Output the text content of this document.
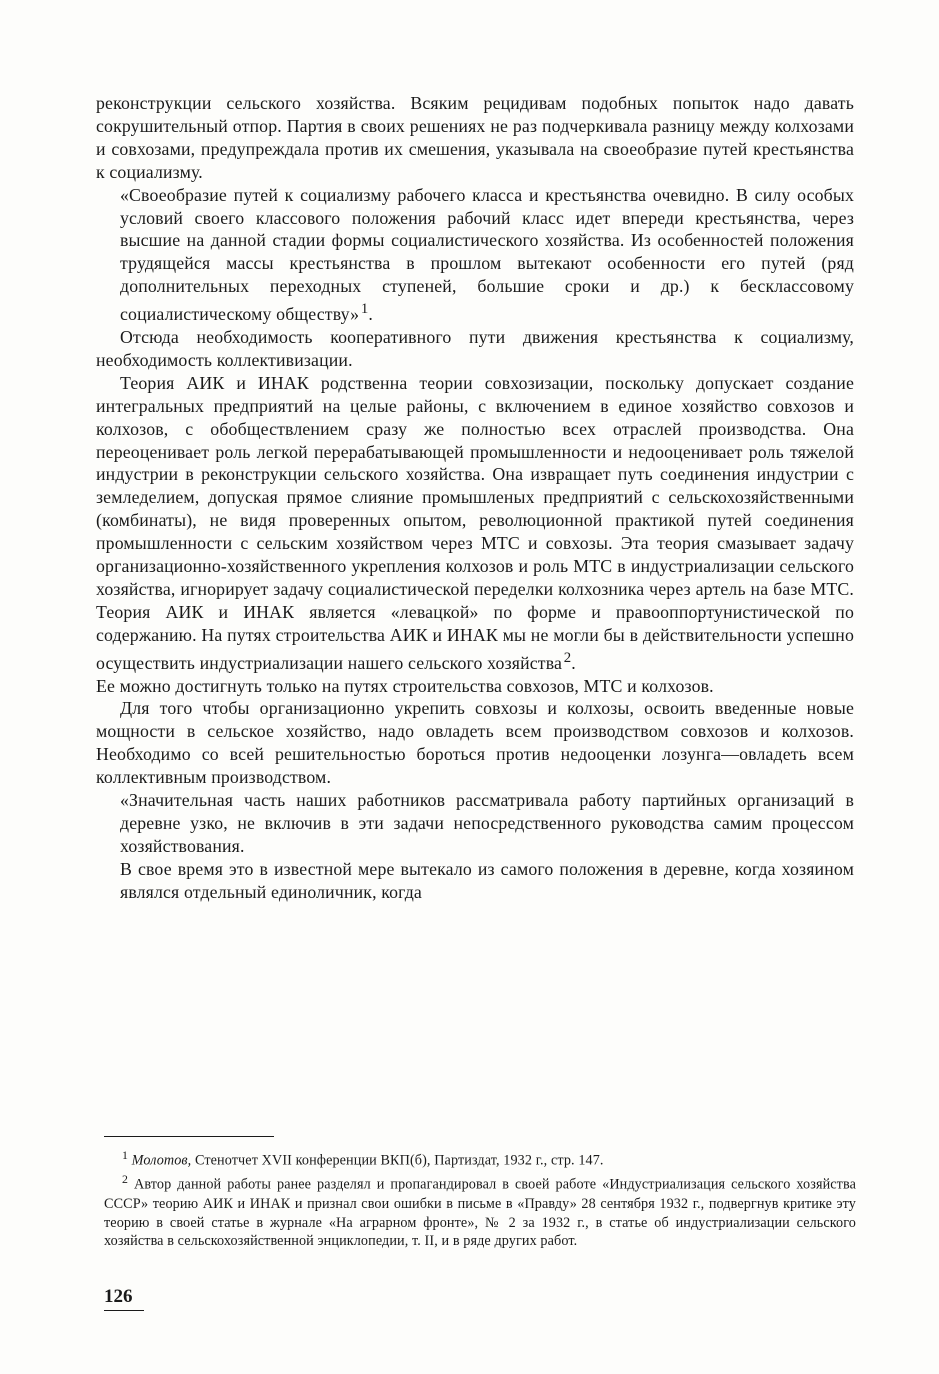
реконструкции сельского хозяйства. Всяким рецидивам подобных попыток надо давать сокрушительный отпор. Партия в своих решениях не раз подчеркивала разницу между колхозами и совхозами, предупреждала против их смешения, указывала на своеобразие путей крестьянства к социализму.

«Своеобразие путей к социализму рабочего класса и крестьянства очевидно. В силу особых условий своего классового положения рабочий класс идет впереди крестьянства, через высшие на данной стадии формы социалистического хозяйства. Из особенностей положения трудящейся массы крестьянства в прошлом вытекают особенности его путей (ряд дополнительных переходных ступеней, большие сроки и др.) к бесклассовому социалистическому обществу»  $^1$.

Отсюда необходимость кооперативного пути движения крестьянства к социализму, необходимость коллективизации.

Теория АИК и ИНАК родственна теории совхозизации, поскольку допускает создание интегральных предприятий на целые районы, с включением в единое хозяйство совхозов и колхозов, с обобществлением сразу же полностью всех отраслей производства. Она переоценивает роль легкой перерабатывающей промышленности и недооценивает роль тяжелой индустрии в реконструкции сельского хозяйства. Она извращает путь соединения индустрии с земледелием, допуская прямое слияние промышленых предприятий с сельскохозяйственными (комбинаты), не видя проверенных опытом, революционной практикой путей соединения промышленности с сельским хозяйством через МТС и совхозы. Эта теория смазывает задачу организационно-хозяйственного укрепления колхозов и роль МТС в индустриализации сельского хозяйства, игнорирует задачу социалистической переделки колхозника через артель на базе МТС. Теория АИК и ИНАК является «левацкой» по форме и правооппортунистической по содержанию. На путях строительства АИК и ИНАК мы не могли бы в действительности успешно осуществить индустриализации нашего сельского хозяйства  $^2$.

Ее можно достигнуть только на путях строительства совхозов, МТС и колхозов.

Для того чтобы организационно укрепить совхозы и колхозы, освоить введенные новые мощности в сельское хозяйство, надо овладеть всем производством совхозов и колхозов. Необходимо со всей решительностью бороться против недооценки лозунга—овладеть всем коллективным производством.

«Значительная часть наших работников рассматривала работу партийных организаций в деревне узко, не включив в эти задачи непосредственного руководства самим процессом хозяйствования.

В свое время это в известной мере вытекало из самого положения в деревне, когда хозяином являлся отдельный единоличник, когда

$^1$ Молотов, Стенотчет XVII конференции ВКП(б), Партиздат, 1932 г., стр. 147.

$^2$ Автор данной работы ранее разделял и пропагандировал в своей работе «Индустриализация сельского хозяйства СССР» теорию АИК и ИНАК и признал свои ошибки в письме в «Правду» 28 сентября 1932 г., подвергнув критике эту теорию в своей статье в журнале «На аграрном фронте», № 2 за 1932 г., в статье об индустриализации сельского хозяйства в сельскохозяйственной энциклопедии, т. II, и в ряде других работ.

126
